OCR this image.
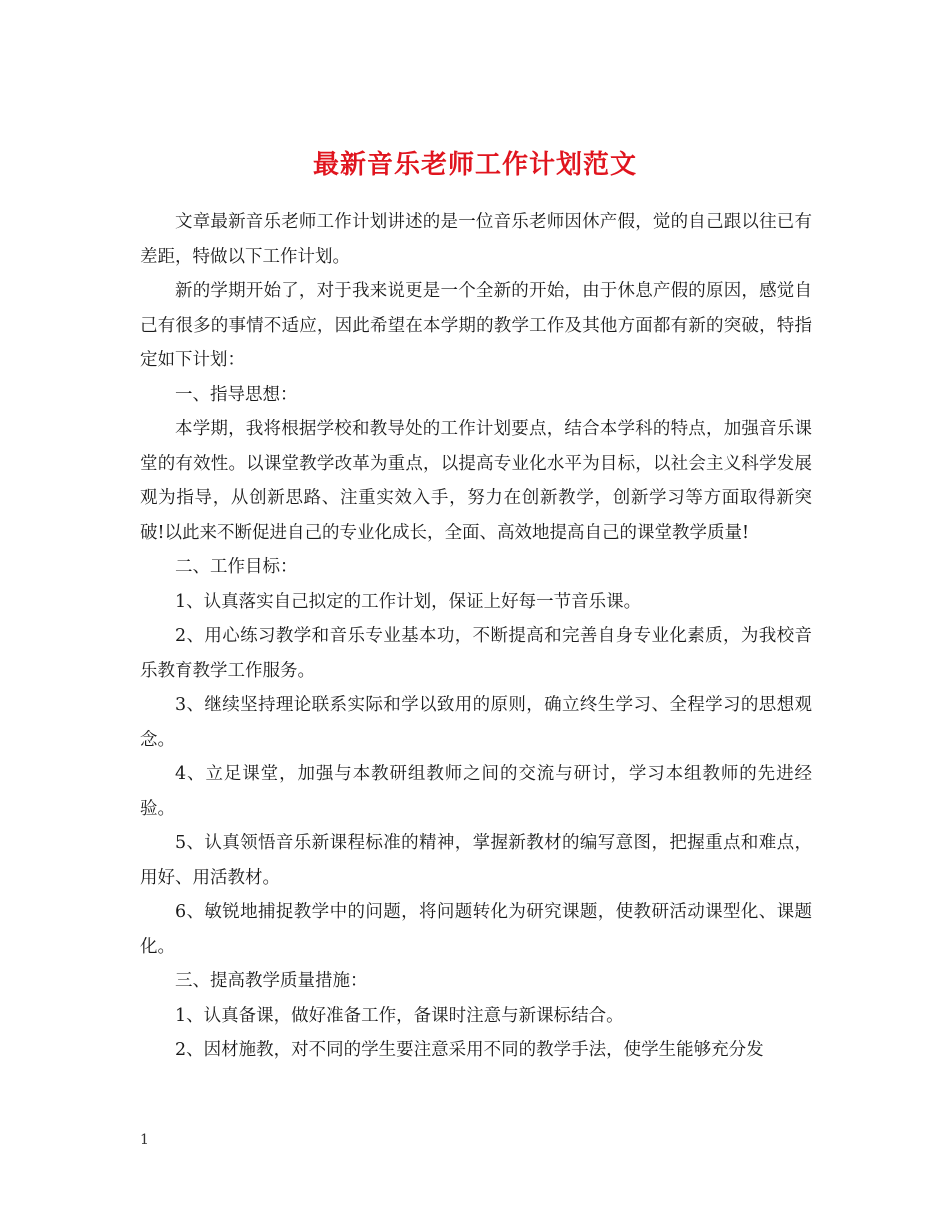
最新音乐老师工作计划范文

文章最新音乐老师工作计划讲述的是一位音乐老师因休产假，觉的自己跟以往已有差距，特做以下工作计划。

新的学期开始了，对于我来说更是一个全新的开始，由于休息产假的原因，感觉自己有很多的事情不适应，因此希望在本学期的教学工作及其他方面都有新的突破，特指定如下计划：

一、指导思想：

本学期，我将根据学校和教导处的工作计划要点，结合本学科的特点，加强音乐课堂的有效性。以课堂教学改革为重点，以提高专业化水平为目标，以社会主义科学发展观为指导，从创新思路、注重实效入手，努力在创新教学，创新学习等方面取得新突破!以此来不断促进自己的专业化成长，全面、高效地提高自己的课堂教学质量!

二、工作目标：

1、认真落实自己拟定的工作计划，保证上好每一节音乐课。

2、用心练习教学和音乐专业基本功，不断提高和完善自身专业化素质，为我校音乐教育教学工作服务。

3、继续坚持理论联系实际和学以致用的原则，确立终生学习、全程学习的思想观念。

4、立足课堂，加强与本教研组教师之间的交流与研讨，学习本组教师的先进经验。

5、认真领悟音乐新课程标准的精神，掌握新教材的编写意图，把握重点和难点，用好、用活教材。

6、敏锐地捕捉教学中的问题，将问题转化为研究课题，使教研活动课型化、课题化。

三、提高教学质量措施：

1、认真备课，做好准备工作，备课时注意与新课标结合。

2、因材施教，对不同的学生要注意采用不同的教学手法，使学生能够充分发

1
